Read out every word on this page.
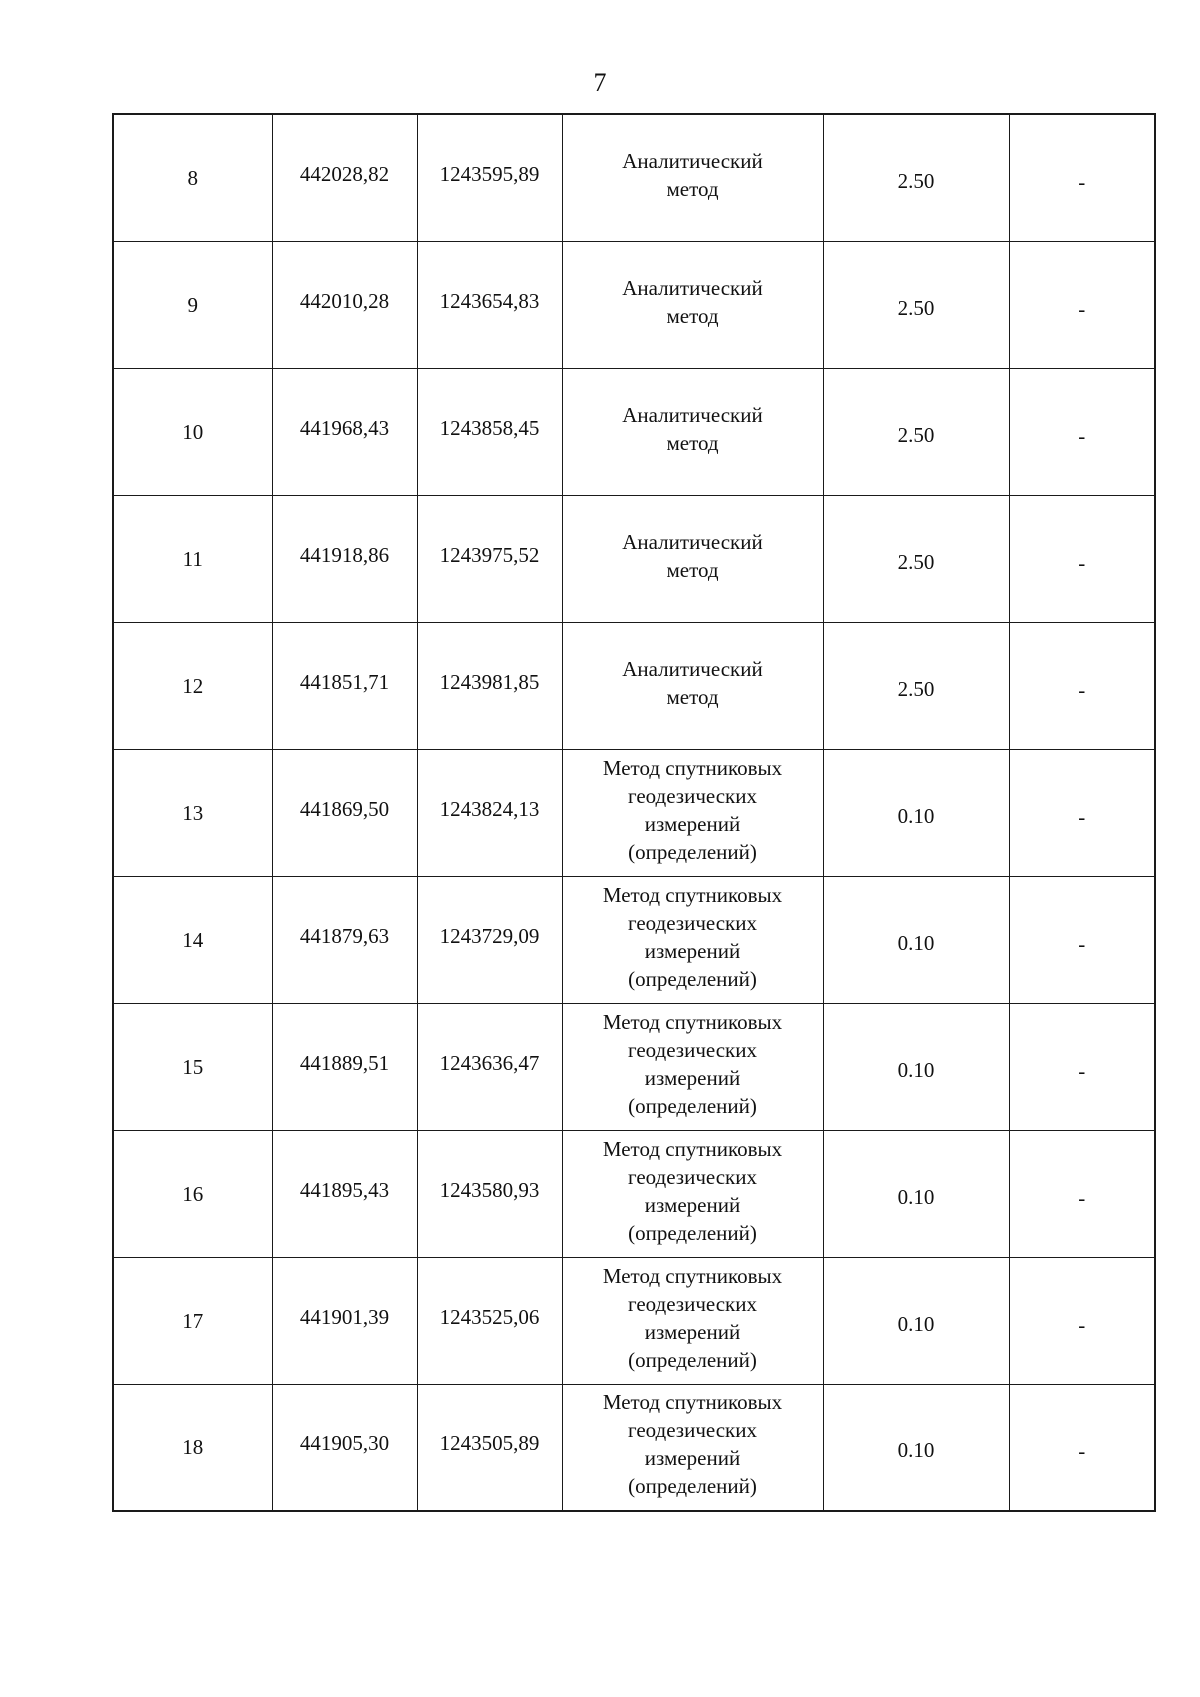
7
8	442028,82	1243595,89	Аналитический
метод	2.50	-

9	442010,28	1243654,83	Аналитический
метод	2.50	-

10	441968,43	1243858,45	Аналитический
метод	2.50	-

11	441918,86	1243975,52	Аналитический
метод	2.50	-

12	441851,71	1243981,85	Аналитический
метод	2.50	-

13	441869,50	1243824,13	Метод спутниковых
геодезических
измерений
(определений)	0.10	-

14	441879,63	1243729,09	Метод спутниковых
геодезических
измерений
(определений)	0.10	-

15	441889,51	1243636,47	Метод спутниковых
геодезических
измерений
(определений)	0.10	-

16	441895,43	1243580,93	Метод спутниковых
геодезических
измерений
(определений)	0.10	-

17	441901,39	1243525,06	Метод спутниковых
геодезических
измерений
(определений)	0.10	-

18	441905,30	1243505,89	Метод спутниковых
геодезических
измерений
(определений)	0.10	-
